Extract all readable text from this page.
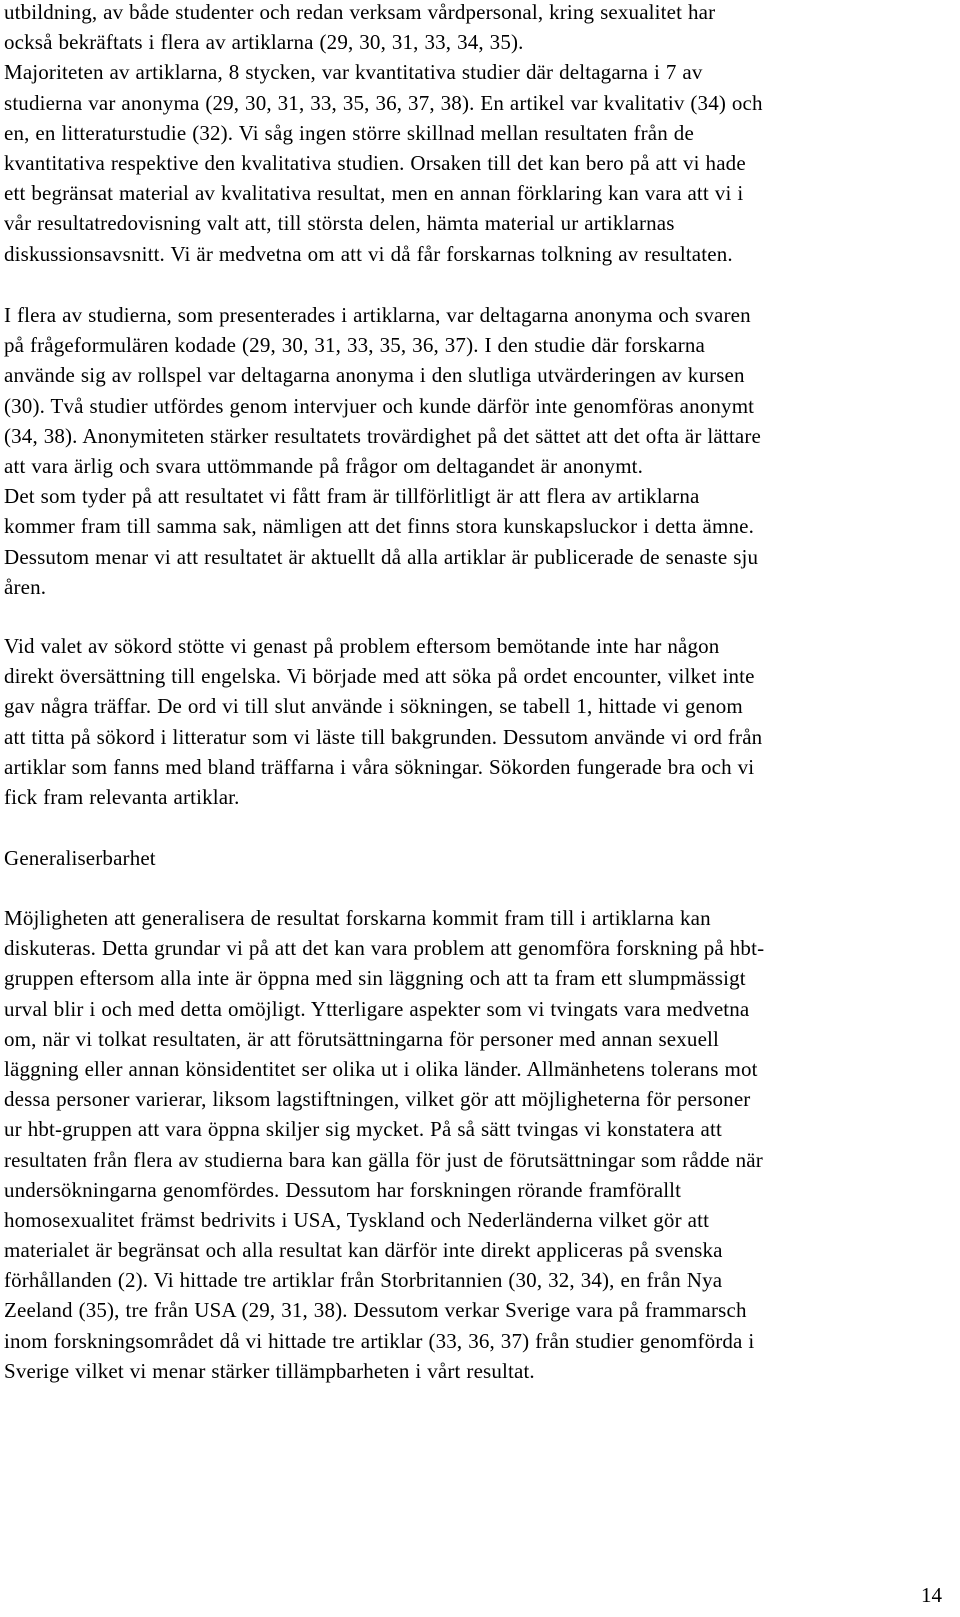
utbildning, av både studenter och redan verksam vårdpersonal, kring sexualitet har
också bekräftats i flera av artiklarna (29, 30, 31, 33, 34, 35).
Majoriteten av artiklarna, 8 stycken, var kvantitativa studier där deltagarna i 7 av
studierna var anonyma (29, 30, 31, 33, 35, 36, 37, 38). En artikel var kvalitativ (34) och
en, en litteraturstudie (32). Vi såg ingen större skillnad mellan resultaten från de
kvantitativa respektive den kvalitativa studien. Orsaken till det kan bero på att vi hade
ett begränsat material av kvalitativa resultat, men en annan förklaring kan vara att vi i
vår resultatredovisning valt att, till största delen, hämta material ur artiklarnas
diskussionsavsnitt. Vi är medvetna om att vi då får forskarnas tolkning av resultaten.

I flera av studierna, som presenterades i artiklarna, var deltagarna anonyma och svaren
på frågeformulären kodade (29, 30, 31, 33, 35, 36, 37). I den studie där forskarna
använde sig av rollspel var deltagarna anonyma i den slutliga utvärderingen av kursen
(30). Två studier utfördes genom intervjuer och kunde därför inte genomföras anonymt
(34, 38). Anonymiteten stärker resultatets trovärdighet på det sättet att det ofta är lättare
att vara ärlig och svara uttömmande på frågor om deltagandet är anonymt.
Det som tyder på att resultatet vi fått fram är tillförlitligt är att flera av artiklarna
kommer fram till samma sak, nämligen att det finns stora kunskapsluckor i detta ämne.
Dessutom menar vi att resultatet är aktuellt då alla artiklar är publicerade de senaste sju
åren.

Vid valet av sökord stötte vi genast på problem eftersom bemötande inte har någon
direkt översättning till engelska. Vi började med att söka på ordet encounter, vilket inte
gav några träffar. De ord vi till slut använde i sökningen, se tabell 1, hittade vi genom
att titta på sökord i litteratur som vi läste till bakgrunden. Dessutom använde vi ord från
artiklar som fanns med bland träffarna i våra sökningar. Sökorden fungerade bra och vi
fick fram relevanta artiklar.

Generaliserbarhet

Möjligheten att generalisera de resultat forskarna kommit fram till i artiklarna kan
diskuteras. Detta grundar vi på att det kan vara problem att genomföra forskning på hbt-
gruppen eftersom alla inte är öppna med sin läggning och att ta fram ett slumpmässigt
urval blir i och med detta omöjligt. Ytterligare aspekter som vi tvingats vara medvetna
om, när vi tolkat resultaten, är att förutsättningarna för personer med annan sexuell
läggning eller annan könsidentitet ser olika ut i olika länder. Allmänhetens tolerans mot
dessa personer varierar, liksom lagstiftningen, vilket gör att möjligheterna för personer
ur hbt-gruppen att vara öppna skiljer sig mycket. På så sätt tvingas vi konstatera att
resultaten från flera av studierna bara kan gälla för just de förutsättningar som rådde när
undersökningarna genomfördes. Dessutom har forskningen rörande framförallt
homosexualitet främst bedrivits i USA, Tyskland och Nederländerna vilket gör att
materialet är begränsat och alla resultat kan därför inte direkt appliceras på svenska
förhållanden (2). Vi hittade tre artiklar från Storbritannien (30, 32, 34), en från Nya
Zeeland (35), tre från USA (29, 31, 38). Dessutom verkar Sverige vara på frammarsch
inom forskningsområdet då vi hittade tre artiklar (33, 36, 37) från studier genomförda i
Sverige vilket vi menar stärker tillämpbarheten i vårt resultat.

14
